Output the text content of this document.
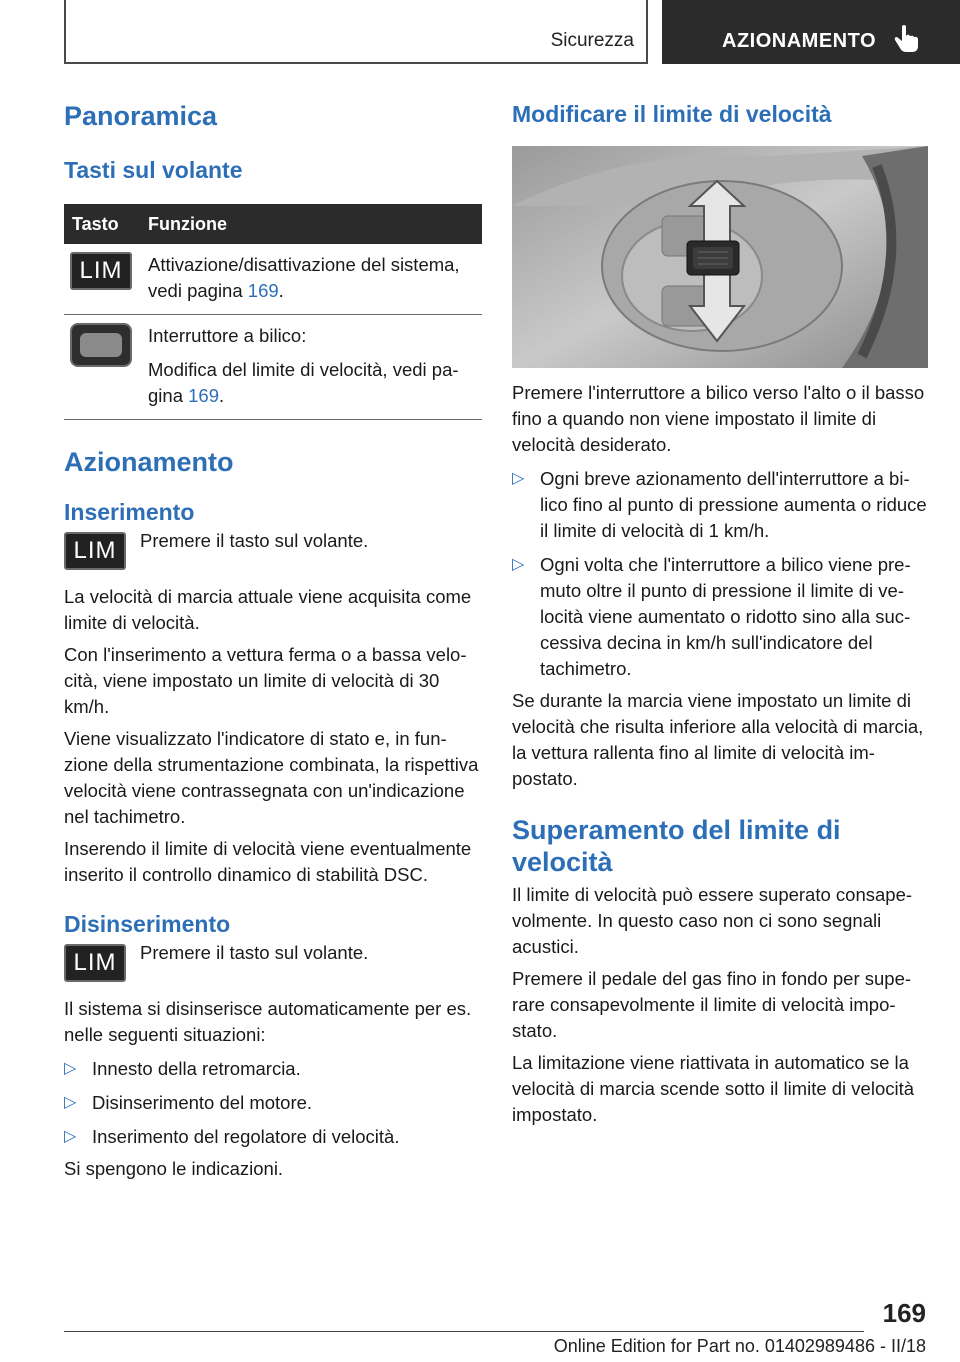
Sicurezza	AZIONAMENTO
Panoramica
Tasti sul volante
Tasto	Funzione
LIM	Attivazione/disattivazione del sistema, vedi pagina 169.

	Interruttore a bilico:
Modifica del limite di velocità, vedi pagina 169.
Azionamento
Inserimento
LIM	Premere il tasto sul volante.

La velocità di marcia attuale viene acquisita come limite di velocità.

Con l'inserimento a vettura ferma o a bassa velocità, viene impostato un limite di velocità di 30 km/h.

Viene visualizzato l'indicatore di stato e, in funzione della strumentazione combinata, la rispettiva velocità viene contrassegnata con un'indicazione nel tachimetro.

Inserendo il limite di velocità viene eventualmente inserito il controllo dinamico di stabilità DSC.

Disinserimento
LIM	Premere il tasto sul volante.

Il sistema si disinserisce automaticamente per es. nelle seguenti situazioni:

▷ Innesto della retromarcia.
▷ Disinserimento del motore.
▷ Inserimento del regolatore di velocità.

Si spengono le indicazioni.

Modificare il limite di velocità

Premere l'interruttore a bilico verso l'alto o il basso fino a quando non viene impostato il limite di velocità desiderato.

▷ Ogni breve azionamento dell'interruttore a bilico fino al punto di pressione aumenta o riduce il limite di velocità di 1 km/h.
▷ Ogni volta che l'interruttore a bilico viene premuto oltre il punto di pressione il limite di velocità viene aumentato o ridotto sino alla successiva decina in km/h sull'indicatore del tachimetro.

Se durante la marcia viene impostato un limite di velocità che risulta inferiore alla velocità di marcia, la vettura rallenta fino al limite di velocità impostato.

Superamento del limite di velocità

Il limite di velocità può essere superato consapevolmente. In questo caso non ci sono segnali acustici.

Premere il pedale del gas fino in fondo per superare consapevolmente il limite di velocità impostato.

La limitazione viene riattivata in automatico se la velocità di marcia scende sotto il limite di velocità impostato.

169
Online Edition for Part no. 01402989486 - II/18
